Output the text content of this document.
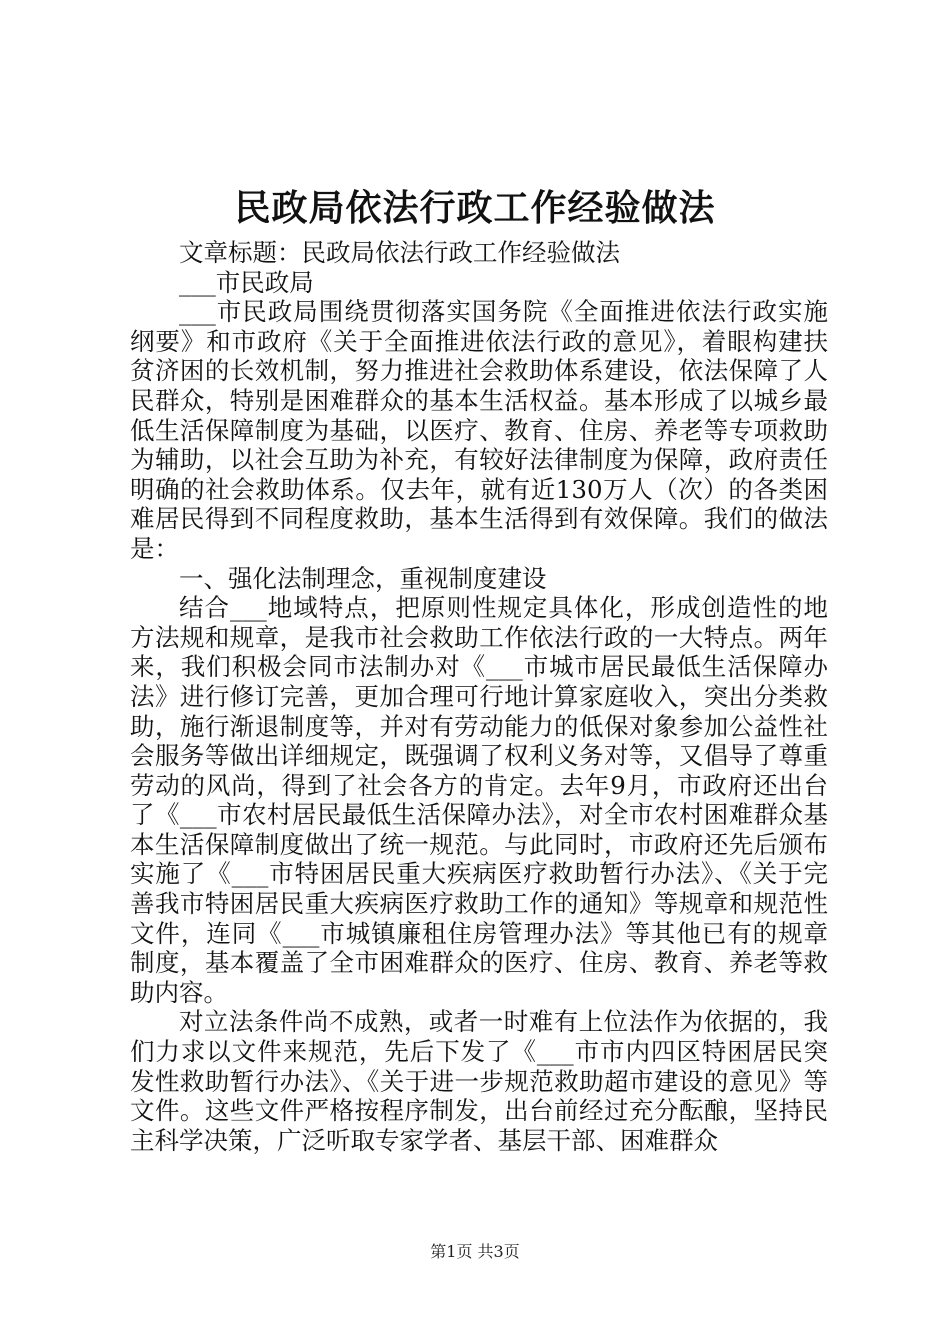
民政局依法行政工作经验做法

文章标题：民政局依法行政工作经验做法

___市民政局

___市民政局围绕贯彻落实国务院《全面推进依法行政实施纲要》和市政府《关于全面推进依法行政的意见》，着眼构建扶贫济困的长效机制，努力推进社会救助体系建设，依法保障了人民群众，特别是困难群众的基本生活权益。基本形成了以城乡最低生活保障制度为基础，以医疗、教育、住房、养老等专项救助为辅助，以社会互助为补充，有较好法律制度为保障，政府责任明确的社会救助体系。仅去年，就有近130万人（次）的各类困难居民得到不同程度救助，基本生活得到有效保障。我们的做法是：

一、强化法制理念，重视制度建设

结合___地域特点，把原则性规定具体化，形成创造性的地方法规和规章，是我市社会救助工作依法行政的一大特点。两年来，我们积极会同市法制办对《___市城市居民最低生活保障办法》进行修订完善，更加合理可行地计算家庭收入，突出分类救助，施行渐退制度等，并对有劳动能力的低保对象参加公益性社会服务等做出详细规定，既强调了权利义务对等，又倡导了尊重劳动的风尚，得到了社会各方的肯定。去年9月，市政府还出台了《___市农村居民最低生活保障办法》，对全市农村困难群众基本生活保障制度做出了统一规范。与此同时，市政府还先后颁布实施了《___市特困居民重大疾病医疗救助暂行办法》、《关于完善我市特困居民重大疾病医疗救助工作的通知》等规章和规范性文件，连同《___市城镇廉租住房管理办法》等其他已有的规章制度，基本覆盖了全市困难群众的医疗、住房、教育、养老等救助内容。

对立法条件尚不成熟，或者一时难有上位法作为依据的，我们力求以文件来规范，先后下发了《___市市内四区特困居民突发性救助暂行办法》、《关于进一步规范救助超市建设的意见》等文件。这些文件严格按程序制发，出台前经过充分酝酿，坚持民主科学决策，广泛听取专家学者、基层干部、困难群众

第1页 共3页
